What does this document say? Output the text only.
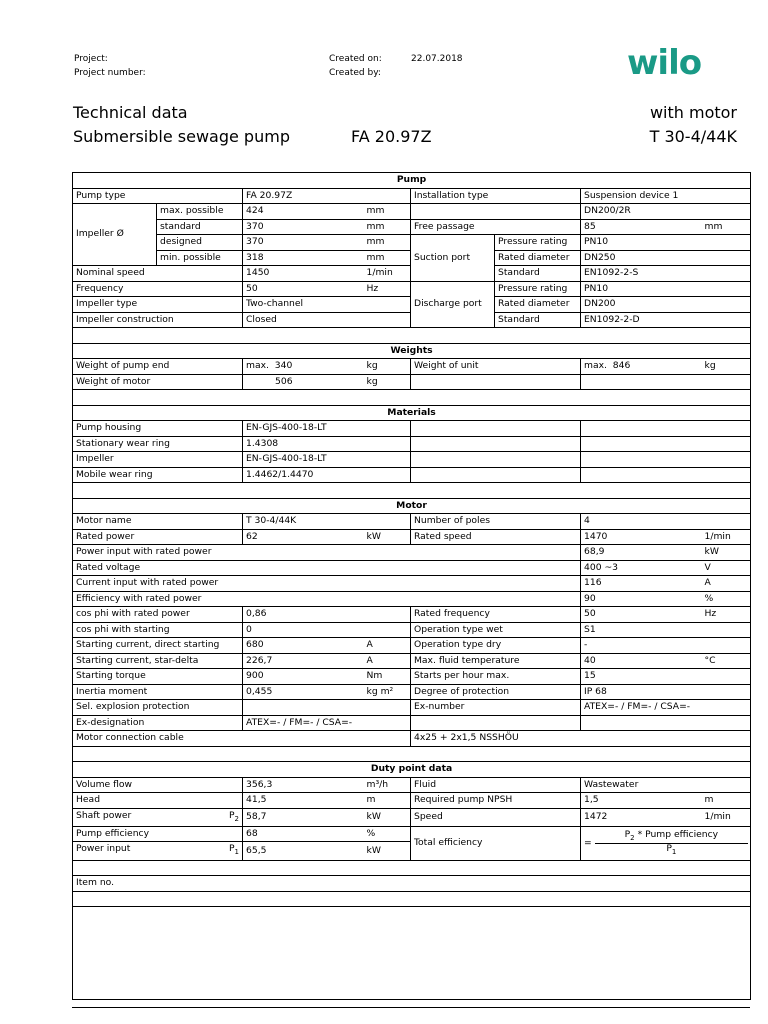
Project:
Project number:
Created on:	22.07.2018
Created by:	wilo
Technical data	with motor
Submersible sewage pump	FA 20.97Z	T 30-4/44K
Pump							
Pump type		FA 20.97Z		Installation type		Suspension device 1	
Impeller Ø	max. possible	424	mm			DN200/2R	
	standard	370	mm	Free passage		85	mm
	designed	370	mm	Suction port	Pressure rating	PN10	
	min. possible	318	mm		Rated diameter	DN250	
Nominal speed		1450	1/min		Standard	EN1092-2-S	
Frequency		50	Hz	Discharge port	Pressure rating	PN10	
Impeller type		Two-channel			Rated diameter	DN200	
Impeller construction		Closed			Standard	EN1092-2-D	

Weights							
Weight of pump end		max. 340	kg	Weight of unit		max. 846	kg
Weight of motor		506	kg				

Materials							
Pump housing		EN-GJS-400-18-LT					
Stationary wear ring		1.4308					
Impeller		EN-GJS-400-18-LT					
Mobile wear ring		1.4462/1.4470					

Motor							
Motor name		T 30-4/44K		Number of poles		4	
Rated power		62	kW	Rated speed		1470	1/min
Power input with rated power						68,9	kW
Rated voltage						400 ~3	V
Current input with rated power						116	A
Efficiency with rated power						90	%
cos phi with rated power		0,86		Rated frequency		50	Hz
cos phi with starting		0		Operation type wet		S1	
Starting current, direct starting		680	A	Operation type dry		-	
Starting current, star-delta		226,7	A	Max. fluid temperature		40	°C
Starting torque		900	Nm	Starts per hour max.		15	
Inertia moment		0,455	kg m²	Degree of protection		IP 68	
Sel. explosion protection				Ex-number		ATEX=- / FM=- / CSA=-	
Ex-designation		ATEX=- / FM=- / CSA=-					
Motor connection cable				4x25 + 2x1,5 NSSHÖU			

Duty point data							
Volume flow		356,3	m³/h	Fluid		Wastewater	
Head		41,5	m	Required pump NPSH		1,5	m
Shaft power $P_2$		58,7	kW	Speed		1472	1/min
Pump efficiency		68	%	Total efficiency		= $\frac{P_2 * Pump efficiency}{P_1}$

Power input $P_1$		65,5	kW				

Item no.							
